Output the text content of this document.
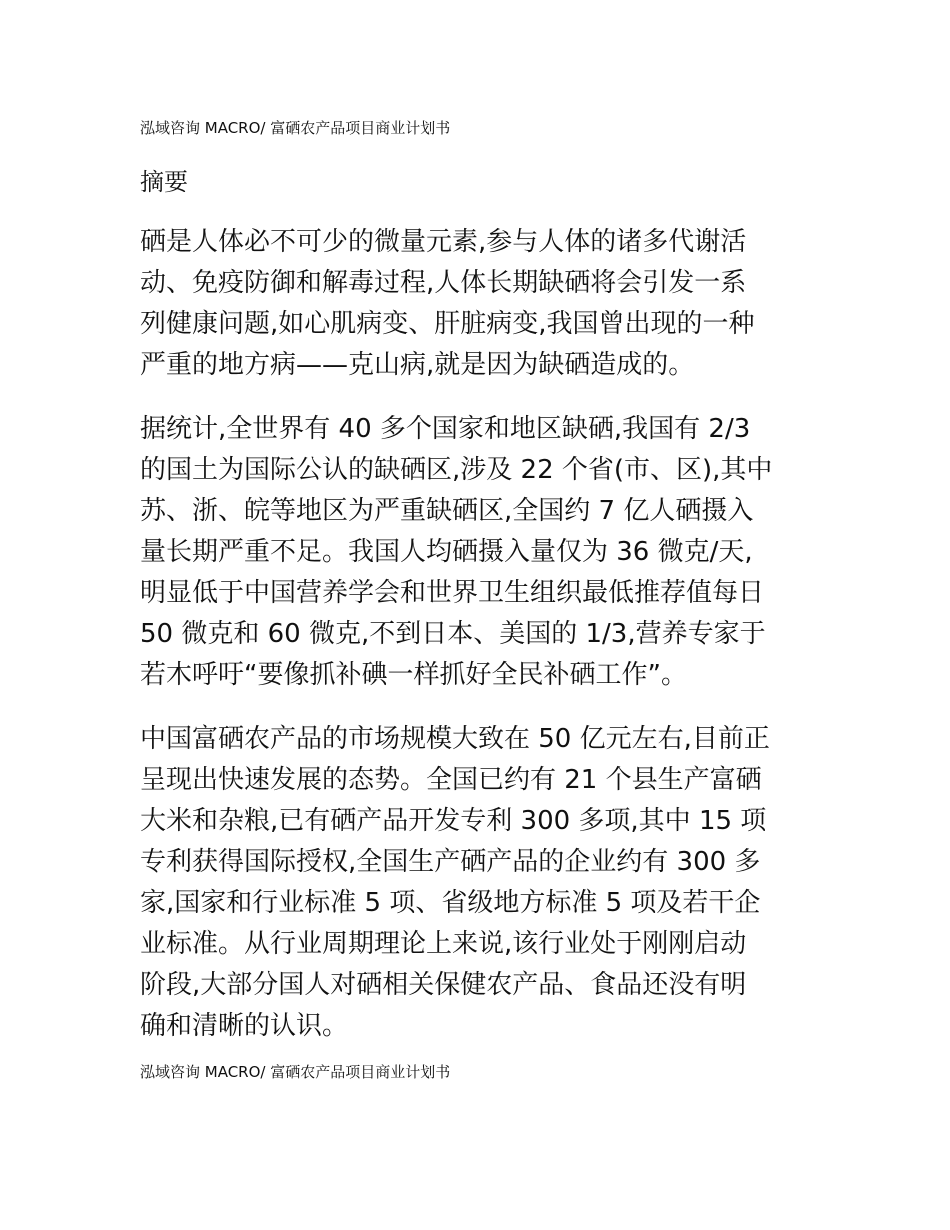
泓域咨询 MACRO/ 富硒农产品项目商业计划书
摘要
硒是人体必不可少的微量元素,参与人体的诸多代谢活
动、免疫防御和解毒过程,人体长期缺硒将会引发一系
列健康问题,如心肌病变、肝脏病变,我国曾出现的一种
严重的地方病——克山病,就是因为缺硒造成的。
据统计,全世界有 40 多个国家和地区缺硒,我国有 2/3
的国土为国际公认的缺硒区,涉及 22 个省(市、区),其中
苏、浙、皖等地区为严重缺硒区,全国约 7 亿人硒摄入
量长期严重不足。我国人均硒摄入量仅为 36 微克/天,
明显低于中国营养学会和世界卫生组织最低推荐值每日
50 微克和 60 微克,不到日本、美国的 1/3,营养专家于
若木呼吁“要像抓补碘一样抓好全民补硒工作”。
中国富硒农产品的市场规模大致在 50 亿元左右,目前正
呈现出快速发展的态势。全国已约有 21 个县生产富硒
大米和杂粮,已有硒产品开发专利 300 多项,其中 15 项
专利获得国际授权,全国生产硒产品的企业约有 300 多
家,国家和行业标准 5 项、省级地方标准 5 项及若干企
业标准。从行业周期理论上来说,该行业处于刚刚启动
阶段,大部分国人对硒相关保健农产品、食品还没有明
确和清晰的认识。
泓域咨询 MACRO/ 富硒农产品项目商业计划书
